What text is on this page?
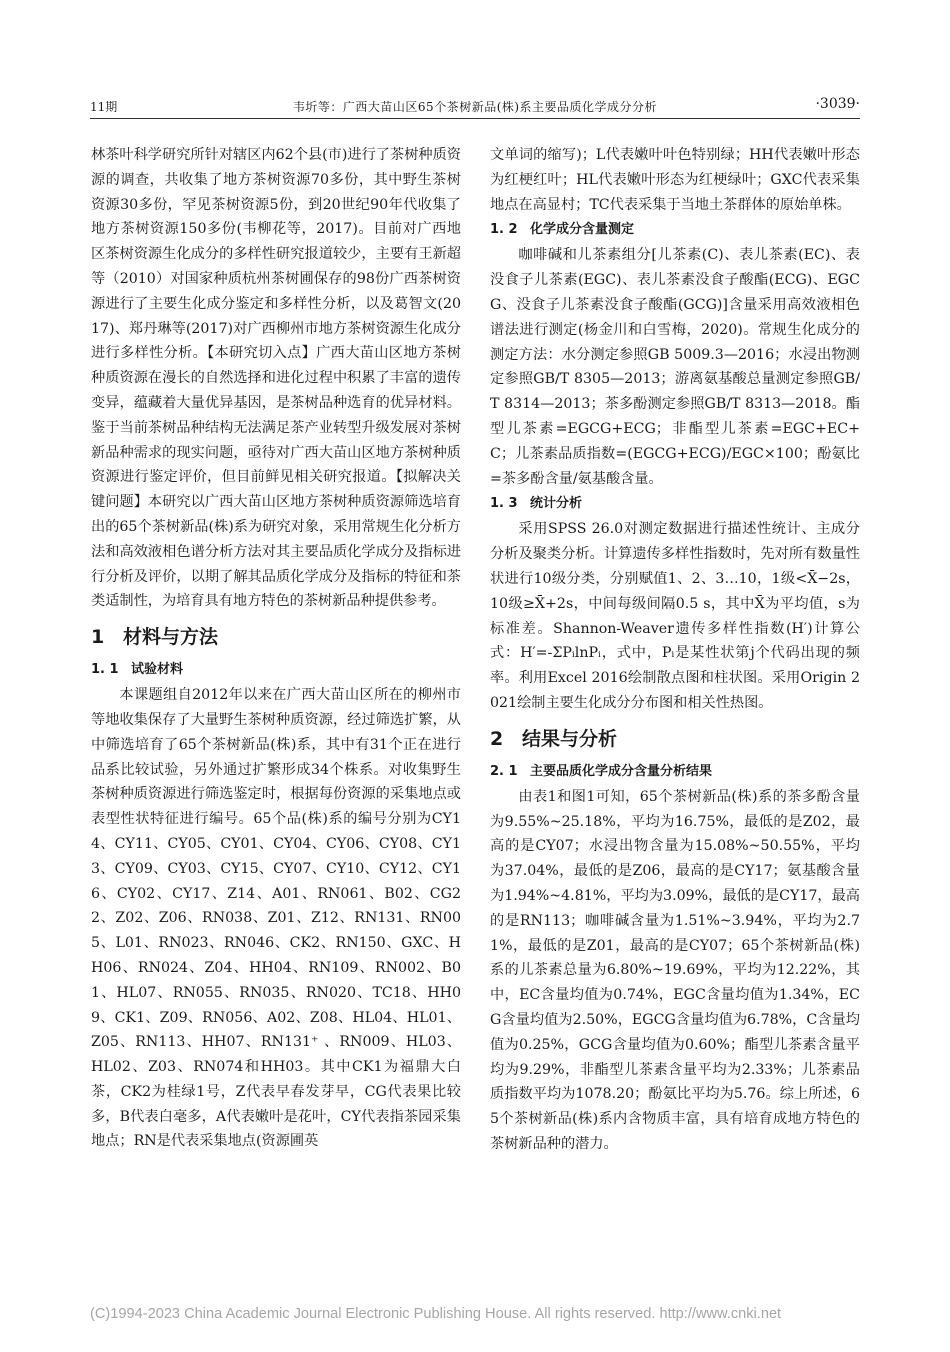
11期	韦圻等：广西大苗山区65个茶树新品(株)系主要品质化学成分分析	·3039·

林茶叶科学研究所针对辖区内62个县(市)进行了茶树种质资源的调查，共收集了地方茶树资源70多份，其中野生茶树资源30多份，罕见茶树资源5份，到20世纪90年代收集了地方茶树资源150多份(韦柳花等，2017)。目前对广西地区茶树资源生化成分的多样性研究报道较少，主要有王新超等（2010）对国家种质杭州茶树圃保存的98份广西茶树资源进行了主要生化成分鉴定和多样性分析，以及葛智文(2017)、郑丹琳等(2017)对广西柳州市地方茶树资源生化成分进行多样性分析。【本研究切入点】广西大苗山区地方茶树种质资源在漫长的自然选择和进化过程中积累了丰富的遗传变异，蕴藏着大量优异基因，是茶树品种选育的优异材料。鉴于当前茶树品种结构无法满足茶产业转型升级发展对茶树新品种需求的现实问题，亟待对广西大苗山区地方茶树种质资源进行鉴定评价，但目前鲜见相关研究报道。【拟解决关键问题】本研究以广西大苗山区地方茶树种质资源筛选培育出的65个茶树新品(株)系为研究对象，采用常规生化分析方法和高效液相色谱分析方法对其主要品质化学成分及指标进行分析及评价，以期了解其品质化学成分及指标的特征和茶类适制性，为培育具有地方特色的茶树新品种提供参考。

1 材料与方法
1. 1 试验材料

本课题组自2012年以来在广西大苗山区所在的柳州市等地收集保存了大量野生茶树种质资源，经过筛选扩繁，从中筛选培育了65个茶树新品(株)系，其中有31个正在进行品系比较试验，另外通过扩繁形成34个株系。对收集野生茶树种质资源进行筛选鉴定时，根据每份资源的采集地点或表型性状特征进行编号。65个品(株)系的编号分别为CY14、CY11、CY05、CY01、CY04、CY06、CY08、CY13、CY09、CY03、CY15、CY07、CY10、CY12、CY16、CY02、CY17、Z14、A01、RN061、B02、CG22、Z02、Z06、RN038、Z01、Z12、RN131、RN005、L01、RN023、RN046、CK2、RN150、GXC、HH06、RN024、Z04、HH04、RN109、RN002、B01、HL07、RN055、RN035、RN020、TC18、HH09、CK1、Z09、RN056、A02、Z08、HL04、HL01、Z05、RN113、HH07、RN131⁺ 、RN009、HL03、HL02、Z03、RN074和HH03。其中CK1为福鼎大白茶，CK2为桂绿1号，Z代表早春发芽早，CG代表果比较多，B代表白毫多，A代表嫩叶是花叶，CY代表指茶园采集地点；RN是代表采集地点(资源圃英

文单词的缩写)；L代表嫩叶叶色特别绿；HH代表嫩叶形态为红梗红叶；HL代表嫩叶形态为红梗绿叶；GXC代表采集地点在高显村；TC代表采集于当地土茶群体的原始单株。

1. 2 化学成分含量测定

咖啡碱和儿茶素组分[儿茶素(C)、表儿茶素(EC)、表没食子儿茶素(EGC)、表儿茶素没食子酸酯(ECG)、EGCG、没食子儿茶素没食子酸酯(GCG)]含量采用高效液相色谱法进行测定(杨金川和白雪梅，2020)。常规生化成分的测定方法：水分测定参照GB 5009.3—2016；水浸出物测定参照GB/T 8305—2013；游离氨基酸总量测定参照GB/T 8314—2013；茶多酚测定参照GB/T 8313—2018。酯型儿茶素=EGCG+ECG；非酯型儿茶素=EGC+EC+C；儿茶素品质指数=(EGCG+ECG)/EGC×100；酚氨比=茶多酚含量/氨基酸含量。

1. 3 统计分析

采用SPSS 26.0对测定数据进行描述性统计、主成分分析及聚类分析。计算遗传多样性指数时，先对所有数量性状进行10级分类，分别赋值1、2、3…10，1级<X̄−2s，10级≥X̄+2s，中间每级间隔0.5 s，其中X̄为平均值，s为标准差。Shannon-Weaver遗传多样性指数(H′)计算公式：H′=-ΣPᵢlnPᵢ，式中，Pᵢ是某性状第j个代码出现的频率。利用Excel 2016绘制散点图和柱状图。采用Origin 2021绘制主要生化成分分布图和相关性热图。

2 结果与分析
2. 1 主要品质化学成分含量分析结果

由表1和图1可知，65个茶树新品(株)系的茶多酚含量为9.55%~25.18%，平均为16.75%，最低的是Z02，最高的是CY07；水浸出物含量为15.08%~50.55%，平均为37.04%，最低的是Z06，最高的是CY17；氨基酸含量为1.94%~4.81%，平均为3.09%，最低的是CY17，最高的是RN113；咖啡碱含量为1.51%~3.94%，平均为2.71%，最低的是Z01，最高的是CY07；65个茶树新品(株)系的儿茶素总量为6.80%~19.69%，平均为12.22%，其中，EC含量均值为0.74%，EGC含量均值为1.34%，ECG含量均值为2.50%，EGCG含量均值为6.78%，C含量均值为0.25%，GCG含量均值为0.60%；酯型儿茶素含量平均为9.29%，非酯型儿茶素含量平均为2.33%；儿茶素品质指数平均为1078.20；酚氨比平均为5.76。综上所述，65个茶树新品(株)系内含物质丰富，具有培育成地方特色的茶树新品种的潜力。

(C)1994-2023 China Academic Journal Electronic Publishing House. All rights reserved. http://www.cnki.net
